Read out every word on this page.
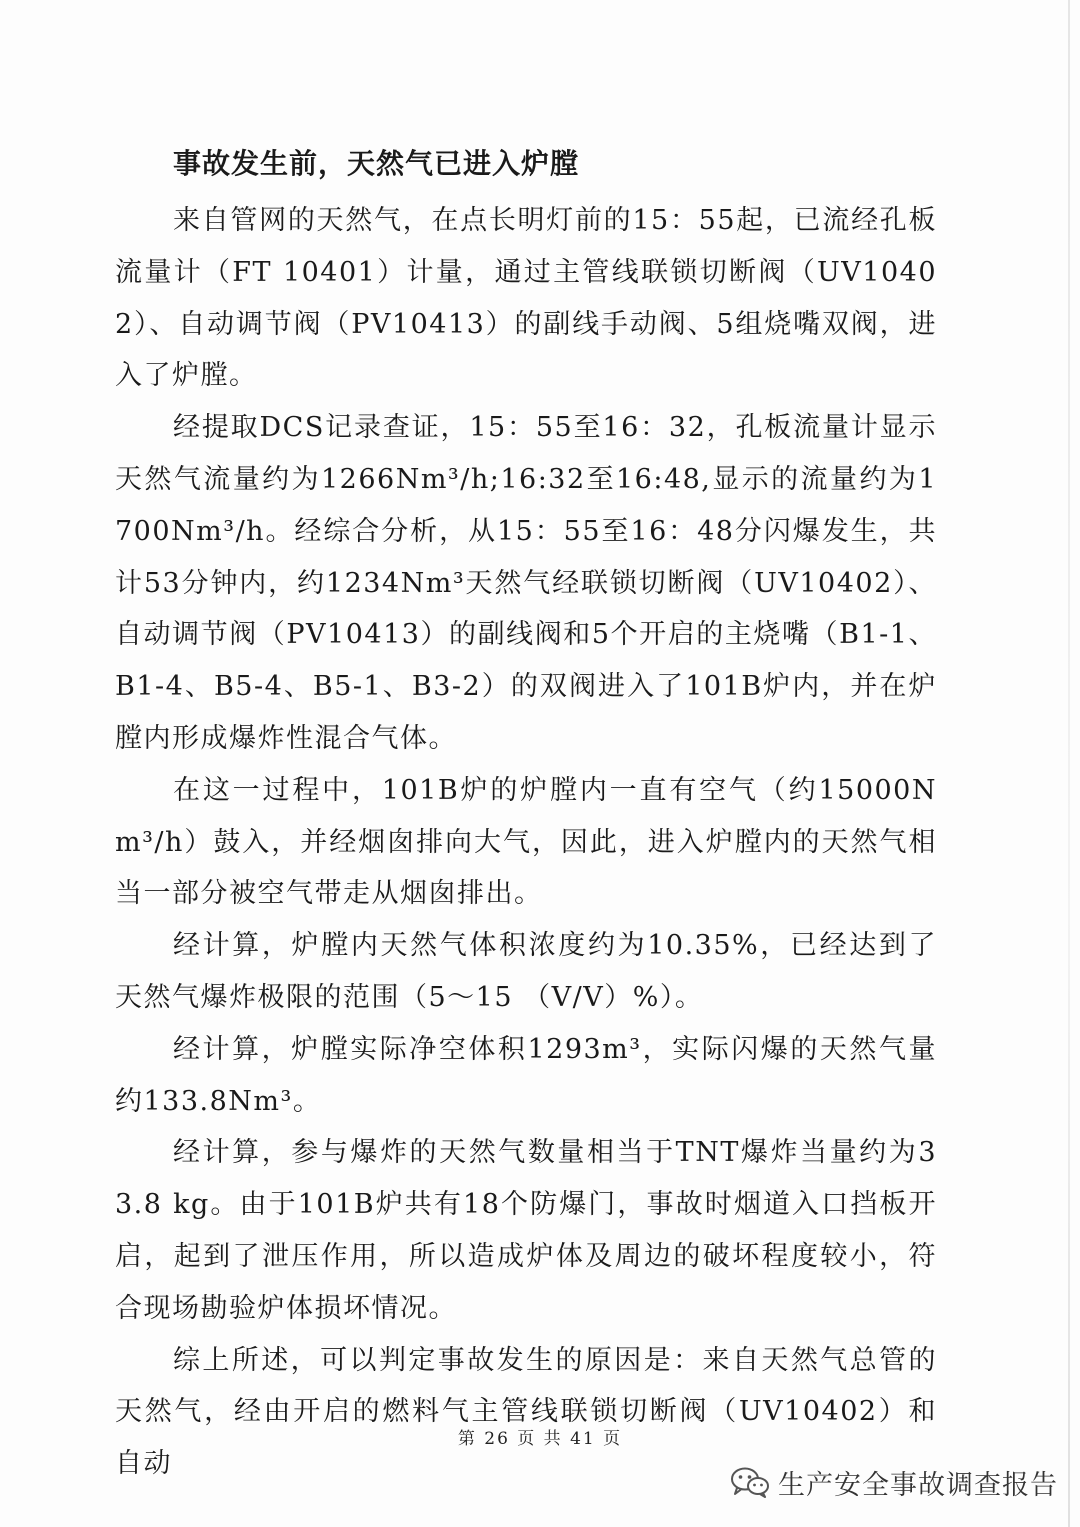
事故发生前，天然气已进入炉膛

来自管网的天然气，在点长明灯前的15：55起，已流经孔板流量计（FT 10401）计量，通过主管线联锁切断阀（UV10402）、自动调节阀（PV10413）的副线手动阀、5组烧嘴双阀，进入了炉膛。

经提取DCS记录查证，15：55至16：32，孔板流量计显示天然气流量约为1266Nm³/h;16:32至16:48,显示的流量约为1700Nm³/h。经综合分析，从15：55至16：48分闪爆发生，共计53分钟内，约1234Nm³天然气经联锁切断阀（UV10402）、自动调节阀（PV10413）的副线阀和5个开启的主烧嘴（B1-1、B1-4、B5-4、B5-1、B3-2）的双阀进入了101B炉内，并在炉膛内形成爆炸性混合气体。

在这一过程中，101B炉的炉膛内一直有空气（约15000Nm³/h）鼓入，并经烟囱排向大气，因此，进入炉膛内的天然气相当一部分被空气带走从烟囱排出。

经计算，炉膛内天然气体积浓度约为10.35%，已经达到了天然气爆炸极限的范围（5～15 （V/V）%）。

经计算，炉膛实际净空体积1293m³，实际闪爆的天然气量约133.8Nm³。

经计算，参与爆炸的天然气数量相当于TNT爆炸当量约为33.8 kg。由于101B炉共有18个防爆门，事故时烟道入口挡板开启，起到了泄压作用，所以造成炉体及周边的破坏程度较小，符合现场勘验炉体损坏情况。

综上所述，可以判定事故发生的原因是：来自天然气总管的天然气，经由开启的燃料气主管线联锁切断阀（UV10402）和自动

第 26 页 共 41 页
生产安全事故调查报告
